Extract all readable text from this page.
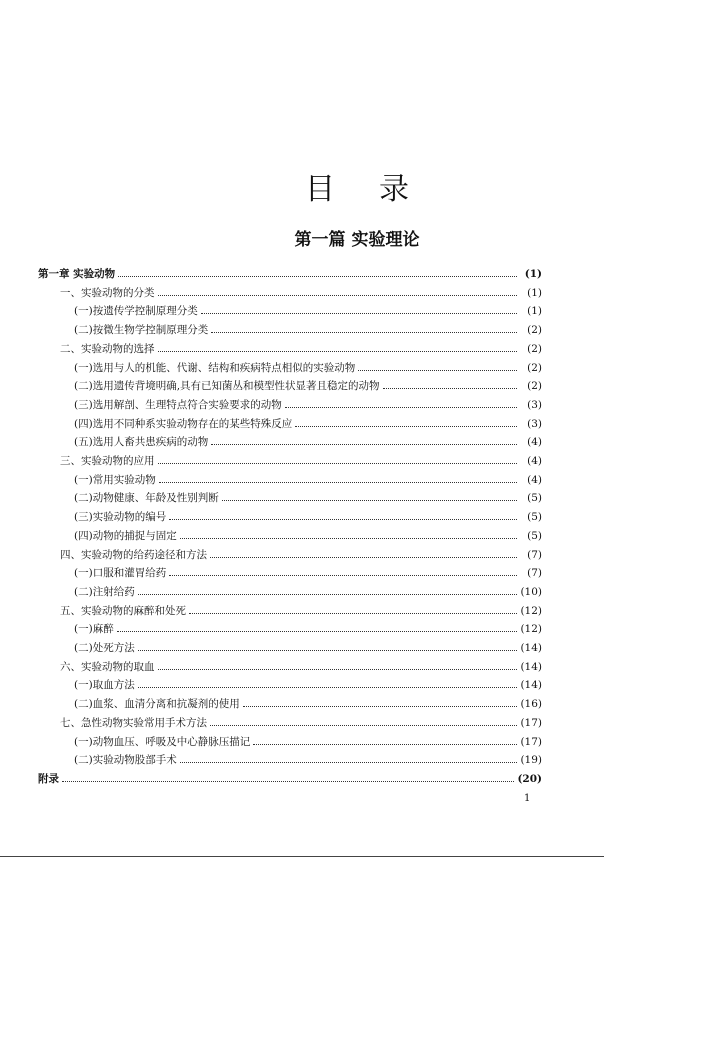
目录
第一篇 实验理论
第一章 实验动物	(1)
一、实验动物的分类	(1)
(一)按遗传学控制原理分类	(1)
(二)按微生物学控制原理分类	(2)
二、实验动物的选择	(2)
(一)选用与人的机能、代谢、结构和疾病特点相似的实验动物	(2)
(二)选用遗传背境明确,具有已知菌丛和模型性状显著且稳定的动物	(2)
(三)选用解剖、生理特点符合实验要求的动物	(3)
(四)选用不同种系实验动物存在的某些特殊反应	(3)
(五)选用人畜共患疾病的动物	(4)
三、实验动物的应用	(4)
(一)常用实验动物	(4)
(二)动物健康、年龄及性别判断	(5)
(三)实验动物的编号	(5)
(四)动物的捕捉与固定	(5)
四、实验动物的给药途径和方法	(7)
(一)口服和灌胃给药	(7)
(二)注射给药	(10)
五、实验动物的麻醉和处死	(12)
(一)麻醉	(12)
(二)处死方法	(14)
六、实验动物的取血	(14)
(一)取血方法	(14)
(二)血浆、血清分离和抗凝剂的使用	(16)
七、急性动物实验常用手术方法	(17)
(一)动物血压、呼吸及中心静脉压描记	(17)
(二)实验动物股部手术	(19)
附录	(20)
1
